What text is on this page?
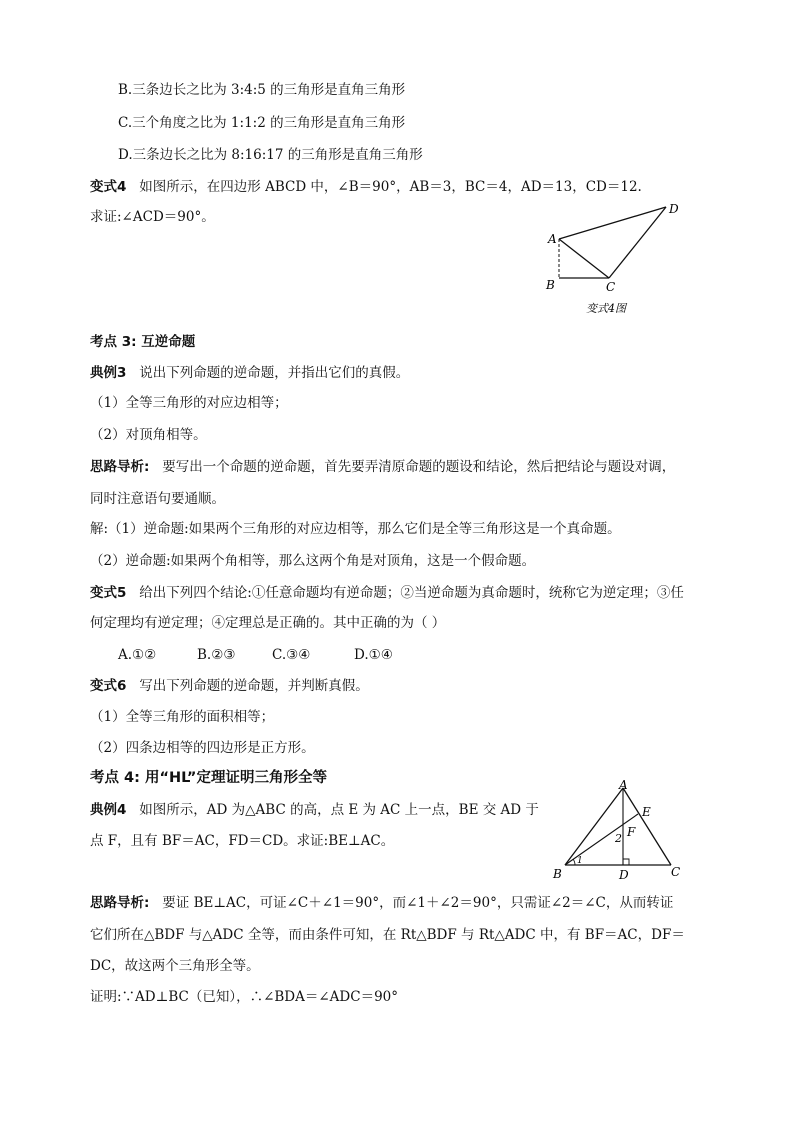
B.三条边长之比为 3:4:5 的三角形是直角三角形
C.三个角度之比为 1:1:2 的三角形是直角三角形
D.三条边长之比为 8:16:17 的三角形是直角三角形
变式4 如图所示，在四边形 ABCD 中，∠B＝90°，AB＝3，BC＝4，AD＝13，CD＝12.
求证:∠ACD＝90°。
A
B	C
D
变式4图
考点 3: 互逆命题
典例3 说出下列命题的逆命题，并指出它们的真假。
（1）全等三角形的对应边相等；
（2）对顶角相等。
思路导析: 要写出一个命题的逆命题，首先要弄清原命题的题设和结论，然后把结论与题设对调，
同时注意语句要通顺。
解:（1）逆命题:如果两个三角形的对应边相等，那么它们是全等三角形这是一个真命题。
（2）逆命题:如果两个角相等，那么这两个角是对顶角，这是一个假命题。
变式5 给出下列四个结论:①任意命题均有逆命题；②当逆命题为真命题时，统称它为逆定理；③任
何定理均有逆定理；④定理总是正确的。其中正确的为（ ）
A.①②	B.②③	C.③④	D.①④
变式6 写出下列命题的逆命题，并判断真假。
（1）全等三角形的面积相等；
（2）四条边相等的四边形是正方形。
考点 4: 用“HL”定理证明三角形全等
典例4 如图所示，AD 为△ABC 的高，点 E 为 AC 上一点，BE 交 AD 于
点 F，且有 BF＝AC，FD＝CD。求证:BE⊥AC。
A
B	C
D
E
F
1
2
思路导析: 要证 BE⊥AC，可证∠C＋∠1＝90°，而∠1＋∠2＝90°，只需证∠2＝∠C，从而转证
它们所在△BDF 与△ADC 全等，而由条件可知，在 Rt△BDF 与 Rt△ADC 中，有 BF＝AC，DF＝
DC，故这两个三角形全等。
证明:∵AD⊥BC（已知），∴∠BDA＝∠ADC＝90°
